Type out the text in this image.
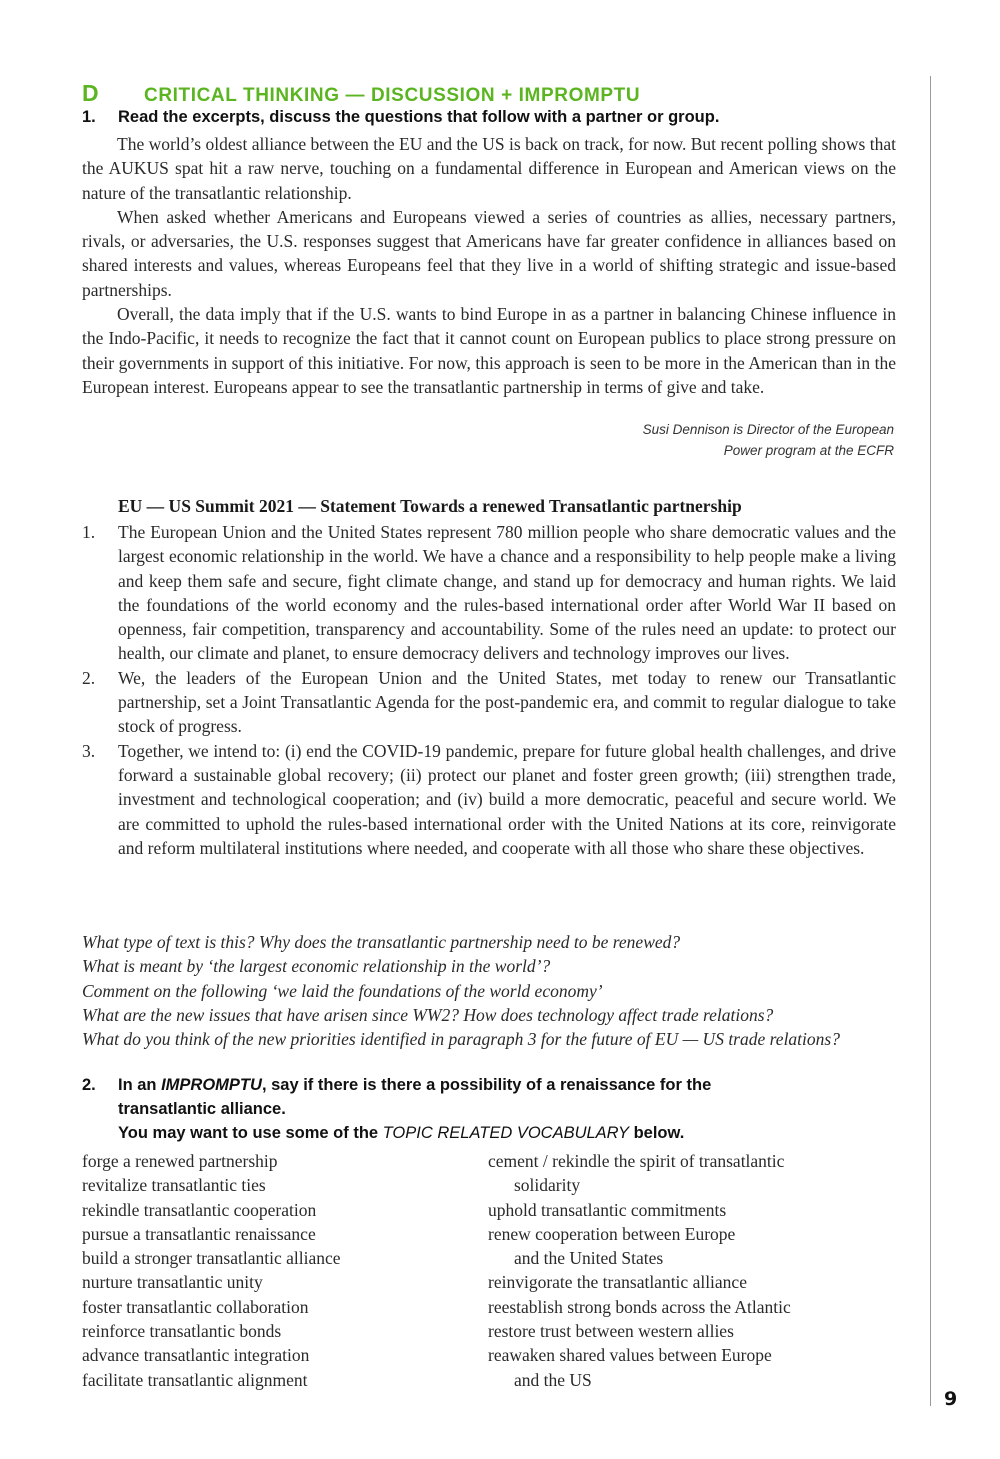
9
D CRITICAL THINKING — DISCUSSION + IMPROMPTU
1. Read the excerpts, discuss the questions that follow with a partner or group.

The world’s oldest alliance between the EU and the US is back on track, for now. But recent polling shows that the AUKUS spat hit a raw nerve, touching on a fundamental difference in European and American views on the nature of the transatlantic relationship.

When asked whether Americans and Europeans viewed a series of countries as allies, necessary partners, rivals, or adversaries, the U.S. responses suggest that Americans have far greater confidence in alliances based on shared interests and values, whereas Europeans feel that they live in a world of shifting strategic and issue-based partnerships.

Overall, the data imply that if the U.S. wants to bind Europe in as a partner in balancing Chinese influence in the Indo-Pacific, it needs to recognize the fact that it cannot count on European publics to place strong pressure on their governments in support of this initiative. For now, this approach is seen to be more in the American than in the European interest. Europeans appear to see the transatlantic partnership in terms of give and take.

Susi Dennison is Director of the European
Power program at the ECFR
EU — US Summit 2021 — Statement Towards a renewed Transatlantic partnership
1.	The European Union and the United States represent 780 million people who share democratic values and the largest economic relationship in the world. We have a chance and a responsibility to help people make a living and keep them safe and secure, fight climate change, and stand up for democracy and human rights. We laid the foundations of the world economy and the rules-based international order after World War II based on openness, fair competition, transparency and accountability. Some of the rules need an update: to protect our health, our climate and planet, to ensure democracy delivers and technology improves our lives.
2.	We, the leaders of the European Union and the United States, met today to renew our Transatlantic partnership, set a Joint Transatlantic Agenda for the post-pandemic era, and commit to regular dialogue to take stock of progress.
3.	Together, we intend to: (i) end the COVID-19 pandemic, prepare for future global health challenges, and drive forward a sustainable global recovery; (ii) protect our planet and foster green growth; (iii) strengthen trade, investment and technological cooperation; and (iv) build a more democratic, peaceful and secure world. We are committed to uphold the rules-based international order with the United Nations at its core, reinvigorate and reform multilateral institutions where needed, and cooperate with all those who share these objectives.
What type of text is this? Why does the transatlantic partnership need to be renewed?
What is meant by ‘the largest economic relationship in the world’?
Comment on the following ‘we laid the foundations of the world economy’
What are the new issues that have arisen since WW2? How does technology affect trade relations?
What do you think of the new priorities identified in paragraph 3 for the future of EU — US trade relations?
2. In an IMPROMPTU, say if there is there a possibility of a renaissance for the
transatlantic alliance.
You may want to use some of the TOPIC RELATED VOCABULARY below.
forge a renewed partnership
revitalize transatlantic ties
rekindle transatlantic cooperation
pursue a transatlantic renaissance
build a stronger transatlantic alliance
nurture transatlantic unity
foster transatlantic collaboration
reinforce transatlantic bonds
advance transatlantic integration
facilitate transatlantic alignment
cement / rekindle the spirit of transatlantic
solidarity
uphold transatlantic commitments
renew cooperation between Europe
and the United States
reinvigorate the transatlantic alliance
reestablish strong bonds across the Atlantic
restore trust between western allies
reawaken shared values between Europe
and the US
